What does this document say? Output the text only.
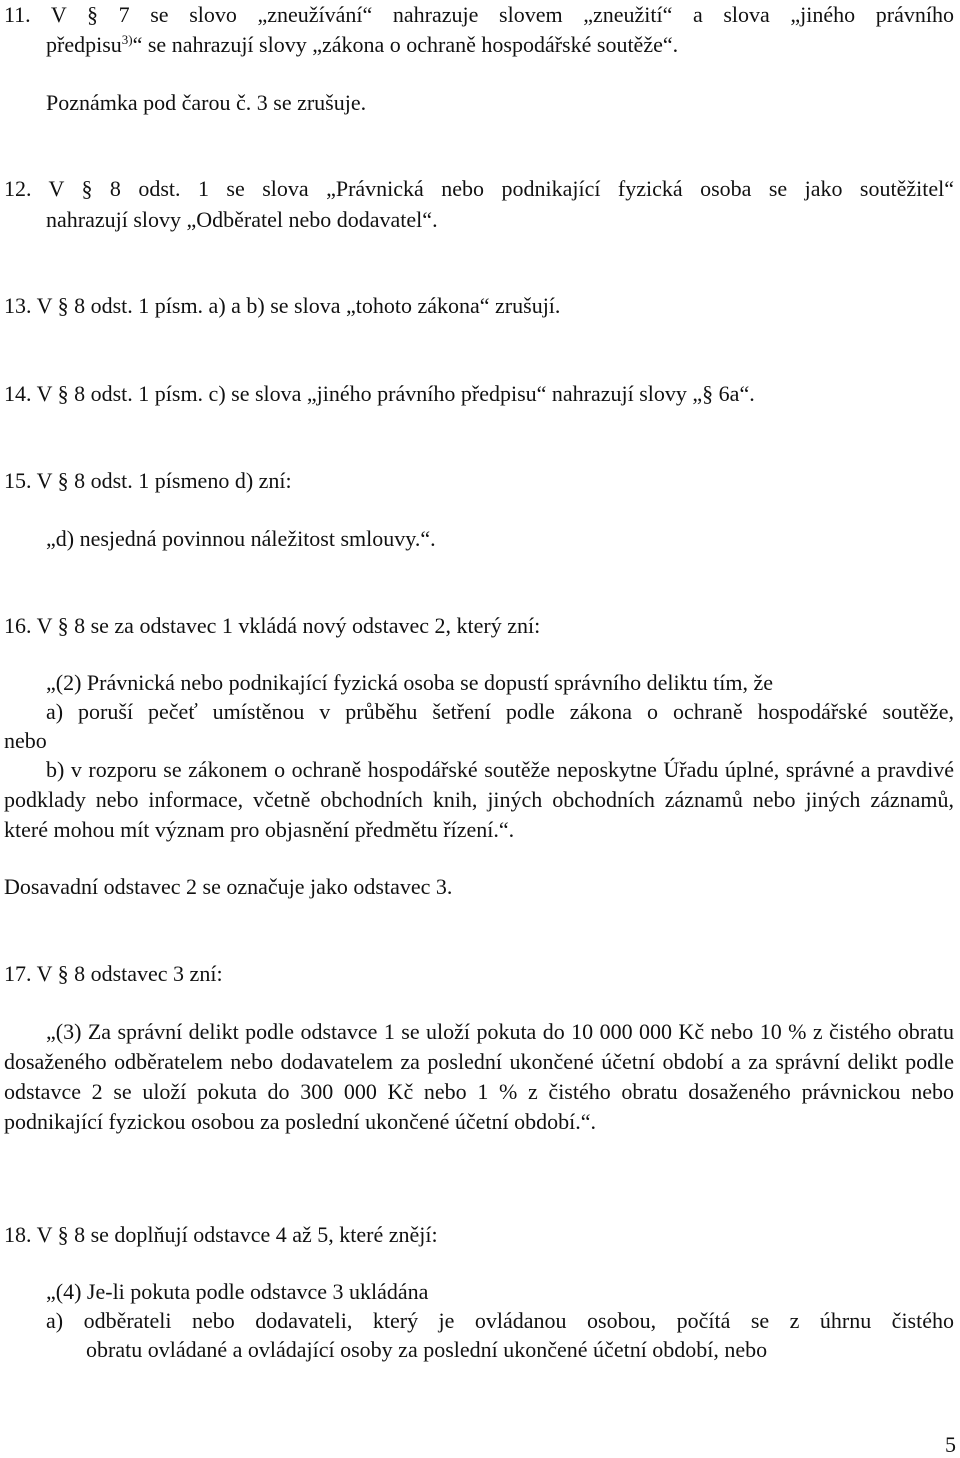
11. V § 7 se slovo „zneužívání“ nahrazuje slovem „zneužití“ a slova „jiného právního

předpisu$^{3)}$“ se nahrazují slovy „zákona o ochraně hospodářské soutěže“.

Poznámka pod čarou č. 3 se zrušuje.

12. V § 8 odst. 1 se slova „Právnická nebo podnikající fyzická osoba se jako soutěžitel“

nahrazují slovy „Odběratel nebo dodavatel“.

13. V § 8 odst. 1 písm. a) a b) se slova „tohoto zákona“ zrušují.

14. V § 8 odst. 1 písm. c) se slova „jiného právního předpisu“ nahrazují slovy „§ 6a“.

15. V § 8 odst. 1 písmeno d) zní:

„d) nesjedná povinnou náležitost smlouvy.“.

16. V § 8 se za odstavec 1 vkládá nový odstavec 2, který zní:

„(2) Právnická nebo podnikající fyzická osoba se dopustí správního deliktu tím, že

a) poruší pečeť umístěnou v průběhu šetření podle zákona o ochraně hospodářské soutěže,

nebo

b) v rozporu se zákonem o ochraně hospodářské soutěže neposkytne Úřadu úplné, správné a pravdivé podklady nebo informace, včetně obchodních knih, jiných obchodních záznamů nebo jiných záznamů, které mohou mít význam pro objasnění předmětu řízení.“.

Dosavadní odstavec 2 se označuje jako odstavec 3.

17. V § 8 odstavec 3 zní:

„(3) Za správní delikt podle odstavce 1 se uloží pokuta do 10 000 000 Kč nebo 10 % z čistého obratu dosaženého odběratelem nebo dodavatelem za poslední ukončené účetní období a za správní delikt podle odstavce 2 se uloží pokuta do 300 000 Kč nebo 1 % z čistého obratu dosaženého právnickou nebo podnikající fyzickou osobou za poslední ukončené účetní období.“.

18. V § 8 se doplňují odstavce 4 až 5, které znějí:

„(4) Je-li pokuta podle odstavce 3 ukládána

a) odběrateli nebo dodavateli, který je ovládanou osobou, počítá se z úhrnu čistého

obratu ovládané a ovládající osoby za poslední ukončené účetní období, nebo

5
